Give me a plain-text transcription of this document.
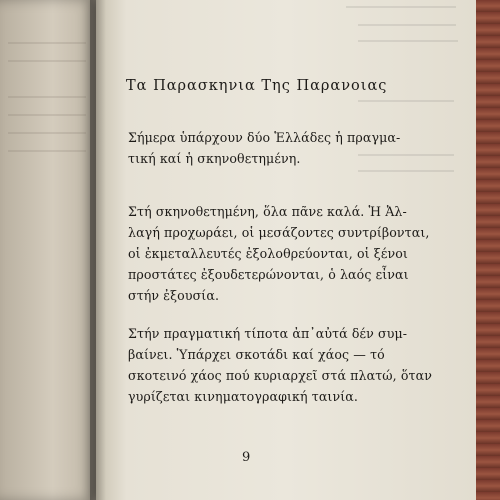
Τα Παρασκηνια Της Παρανοιας
Σήμερα ὑπάρχουν δύο Ἑλλάδες ἡ πραγμα-
τική καί ἡ σκηνοθετημένη.
Στή σκηνοθετημένη, ὅλα πᾶνε καλά. Ἡ Ἀλ-
λαγή προχωράει, οἱ μεσάζοντες συντρίβονται,
οἱ ἐκμεταλλευτές ἐξολοθρεύονται, οἱ ξένοι
προστάτες ἐξουδετερώνονται, ὁ λαός εἶναι
στήν ἐξουσία.
Στήν πραγματική τίποτα ἀπ᾽αὐτά δέν συμ-
βαίνει. Ὑπάρχει σκοτάδι καί χάος — τό
σκοτεινό χάος πού κυριαρχεῖ στά πλατώ, ὅταν
γυρίζεται κινηματογραφική ταινία.
9
